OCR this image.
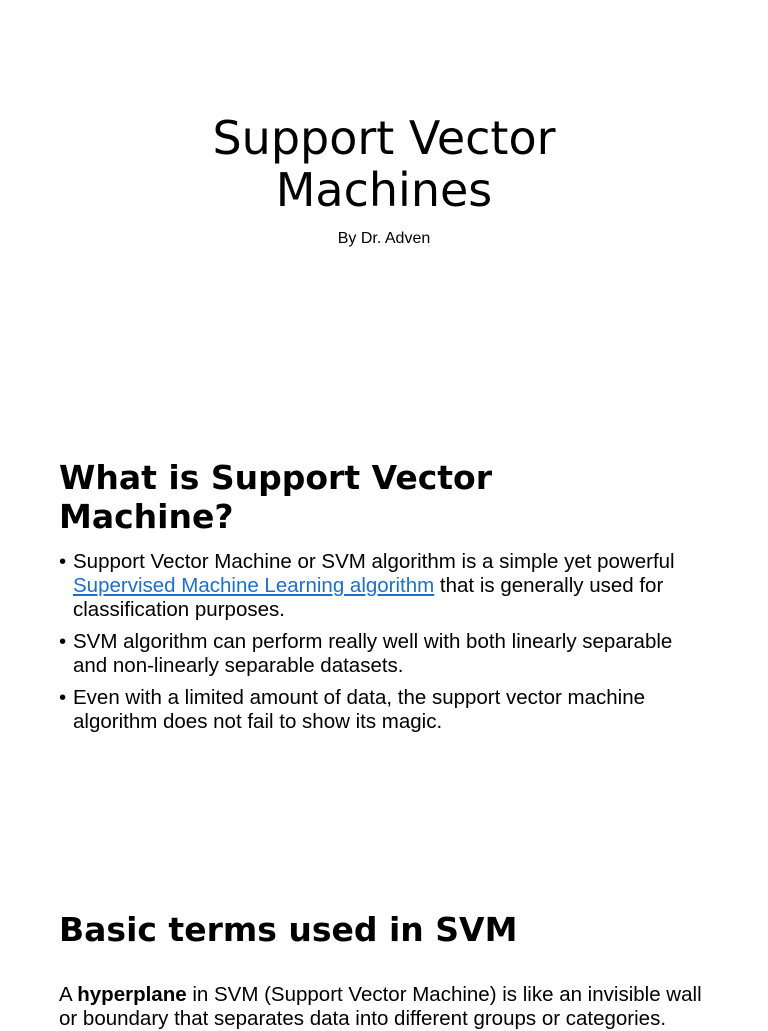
Support Vector
Machines

By Dr. Adven

What is Support Vector
Machine?
• Support Vector Machine or SVM algorithm is a simple yet powerful Supervised Machine Learning algorithm that is generally used for classification purposes.
• SVM algorithm can perform really well with both linearly separable and non-linearly separable datasets.
• Even with a limited amount of data, the support vector machine algorithm does not fail to show its magic.
Basic terms used in SVM

A hyperplane in SVM (Support Vector Machine) is like an invisible wall or boundary that separates data into different groups or categories.
